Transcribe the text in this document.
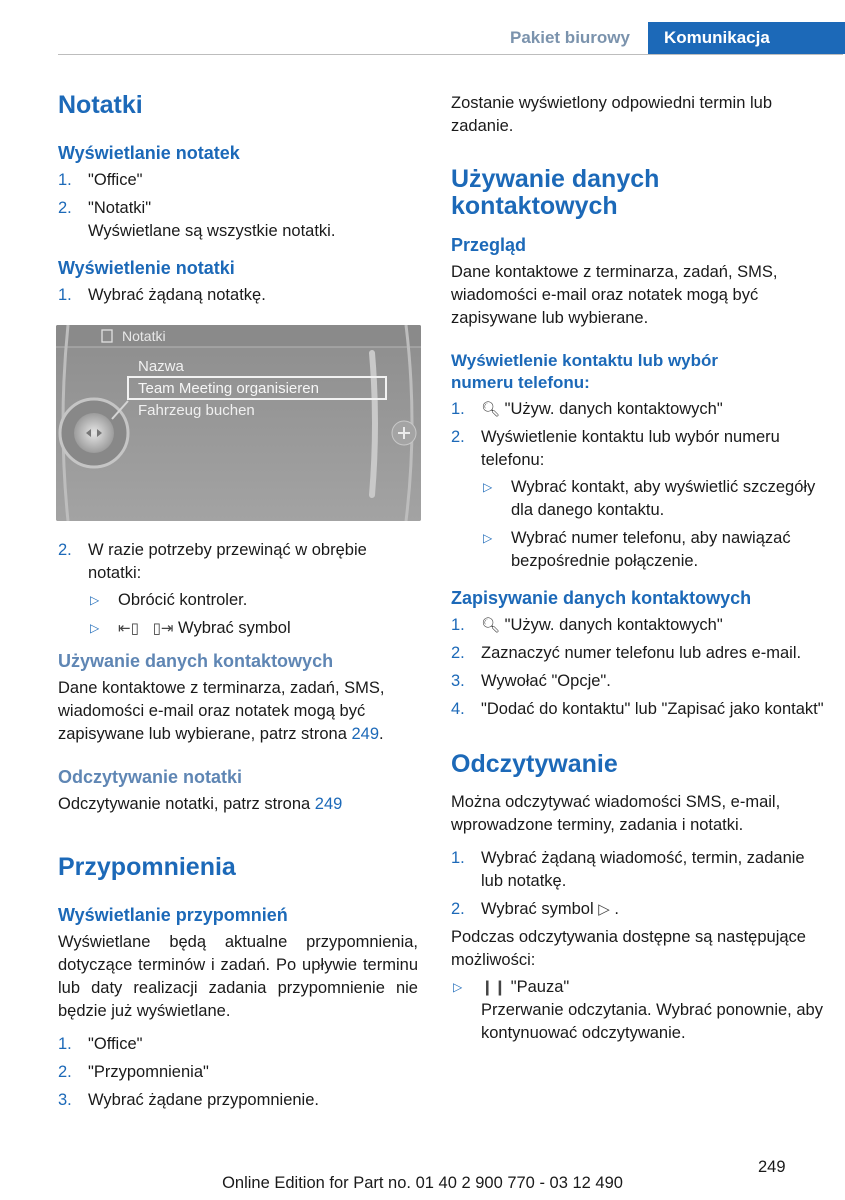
Pakiet biurowy	Komunikacja
Notatki
Wyświetlanie notatek
1. "Office"
2. "Notatki"
Wyświetlane są wszystkie notatki.
Wyświetlenie notatki
1. Wybrać żądaną notatkę.
Notatki
Nazwa
Team Meeting organisieren
Fahrzeug buchen
2. W razie potrzeby przewinąć w obrębie notatki:
▷ Obrócić kontroler.
▷ ⇤▯ ▯⇥ Wybrać symbol
Używanie danych kontaktowych

Dane kontaktowe z terminarza, zadań, SMS, wiadomości e-mail oraz notatek mogą być zapisywane lub wybierane, patrz strona 249.

Odczytywanie notatki

Odczytywanie notatki, patrz strona 249

Przypomnienia
Wyświetlanie przypomnień

Wyświetlane będą aktualne przypomnienia, dotyczące terminów i zadań. Po upływie terminu lub daty realizacji zadania przypomnienie nie będzie już wyświetlane.

1. "Office"
2. "Przypomnienia"
3. Wybrać żądane przypomnienie.

Zostanie wyświetlony odpowiedni termin lub zadanie.

Używanie danych kontaktowych
Przegląd

Dane kontaktowe z terminarza, zadań, SMS, wiadomości e-mail oraz notatek mogą być zapisywane lub wybierane.

Wyświetlenie kontaktu lub wybór numeru telefonu:
1. 🔍︎ "Używ. danych kontaktowych"
2. Wyświetlenie kontaktu lub wybór numeru telefonu:
▷ Wybrać kontakt, aby wyświetlić szczegóły dla danego kontaktu.
▷ Wybrać numer telefonu, aby nawiązać bezpośrednie połączenie.
Zapisywanie danych kontaktowych
1. 🔍︎ "Używ. danych kontaktowych"
2. Zaznaczyć numer telefonu lub adres e-mail.
3. Wywołać "Opcje".
4. "Dodać do kontaktu" lub "Zapisać jako kontakt"
Odczytywanie

Można odczytywać wiadomości SMS, e-mail, wprowadzone terminy, zadania i notatki.

1. Wybrać żądaną wiadomość, termin, zadanie lub notatkę.
2. Wybrać symbol ▷ .

Podczas odczytywania dostępne są następujące możliwości:

▷ ❙❙ "Pauza"
Przerwanie odczytania. Wybrać ponownie, aby kontynuować odczytywanie.
249
Online Edition for Part no. 01 40 2 900 770 - 03 12 490
